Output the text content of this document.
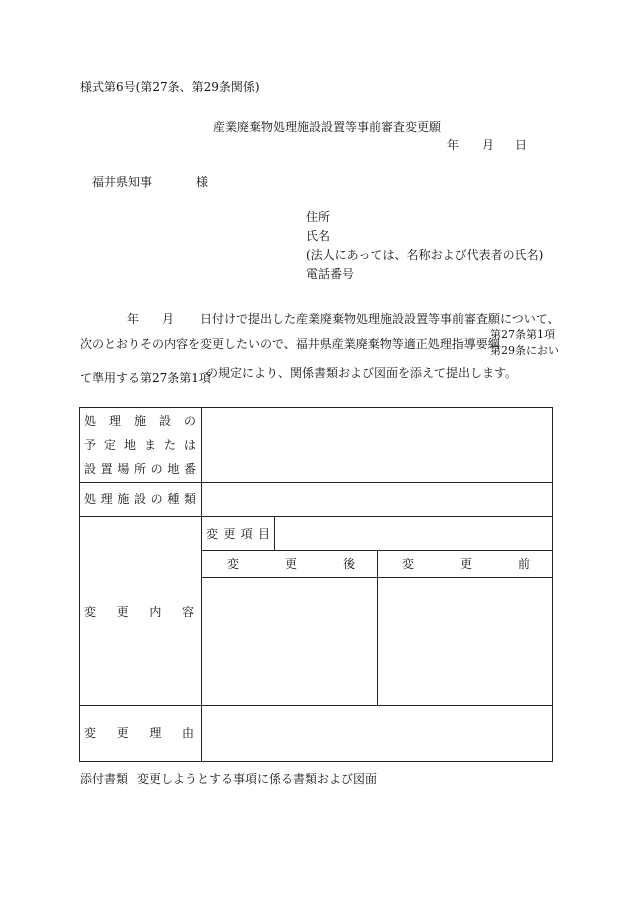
様式第6号(第27条、第29条関係)
産業廃棄物処理施設設置等事前審査変更願
年 月 日
福井県知事	様
住所
氏名
(法人にあっては、名称および代表者の氏名)
電話番号
年 月 日付けで提出した産業廃棄物処理施設設置等事前審査願について、
次のとおりその内容を変更したいので、福井県産業廃棄物等適正処理指導要綱
第27条第1項
第29条におい
て準用する第27条第1項
の規定により、関係書類および図面を添えて提出します。
処理施設の
予定地または
設置場所の地番
処理施設の種類
変更内容
変更項目
変更後	変更前
変更理由
添付書類 変更しようとする事項に係る書類および図面
